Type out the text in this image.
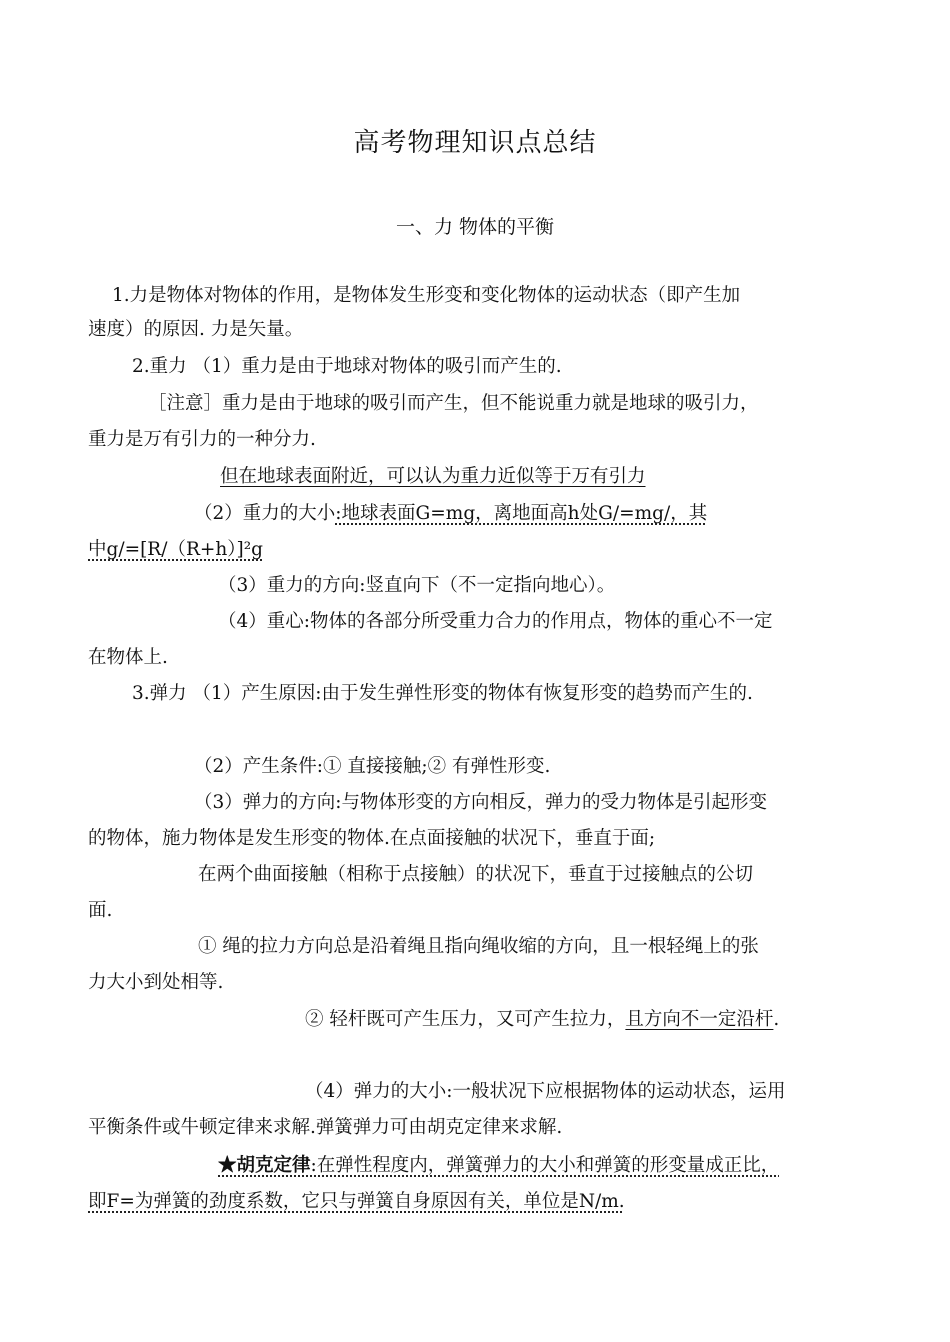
高考物理知识点总结
一、力 物体的平衡
1.力是物体对物体的作用，是物体发生形变和变化物体的运动状态（即产生加
速度）的原因. 力是矢量。
2.重力 （1）重力是由于地球对物体的吸引而产生的.
［注意］重力是由于地球的吸引而产生，但不能说重力就是地球的吸引力，
重力是万有引力的一种分力.
但在地球表面附近，可以认为重力近似等于万有引力
（2）重力的大小:地球表面G=mg，离地面高h处G/=mg/，其
中g/=[R/（R+h）]²g
（3）重力的方向:竖直向下（不一定指向地心）。
（4）重心:物体的各部分所受重力合力的作用点，物体的重心不一定
在物体上.
3.弹力 （1）产生原因:由于发生弹性形变的物体有恢复形变的趋势而产生的.
（2）产生条件:① 直接接触;② 有弹性形变.
（3）弹力的方向:与物体形变的方向相反，弹力的受力物体是引起形变
的物体，施力物体是发生形变的物体.在点面接触的状况下，垂直于面;
在两个曲面接触（相称于点接触）的状况下，垂直于过接触点的公切
面.
① 绳的拉力方向总是沿着绳且指向绳收缩的方向，且一根轻绳上的张
力大小到处相等.
② 轻杆既可产生压力，又可产生拉力，且方向不一定沿杆.
（4）弹力的大小:一般状况下应根据物体的运动状态，运用
平衡条件或牛顿定律来求解.弹簧弹力可由胡克定律来求解.
★胡克定律:在弹性程度内，弹簧弹力的大小和弹簧的形变量成正比，
即F=为弹簧的劲度系数，它只与弹簧自身原因有关，单位是N/m.
